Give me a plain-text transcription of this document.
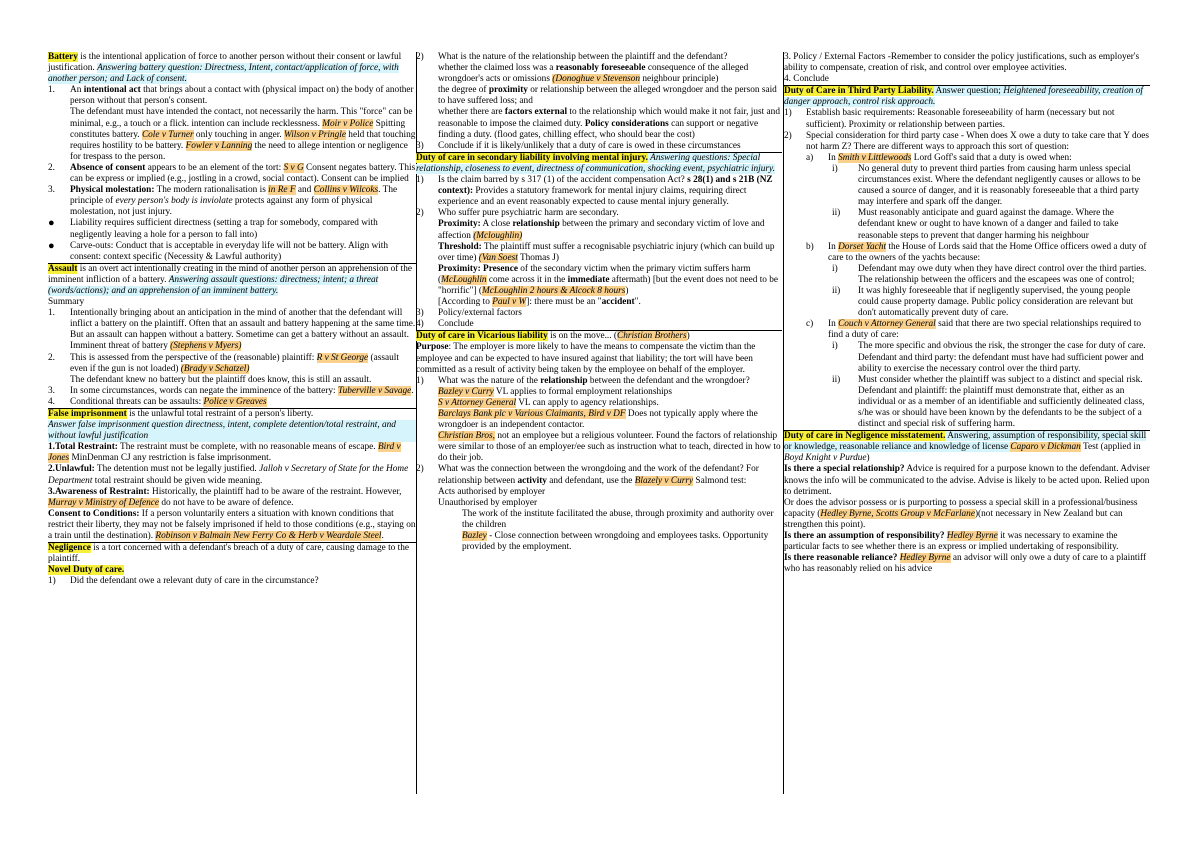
Battery is the intentional application of force to another person without their consent or lawful justification. Answering battery question: Directness, Intent, contact/application of force, with another person; and Lack of consent.

1.	An intentional act that brings about a contact with (physical impact on) the body of another person without that person's consent.

The defendant must have intended the contact, not necessarily the harm. This "force" can be minimal, e.g., a touch or a flick. intention can include recklessness. Moir v Police Spitting constitutes battery. Cole v Turner only touching in anger. Wilson v Pringle held that touching requires hostility to be battery. Fowler v Lanning the need to allege intention or negligence for trespass to the person.

2.	Absence of consent appears to be an element of the tort: S v G Consent negates battery. This can be express or implied (e.g., jostling in a crowd, social contact). Consent can be implied
3.	Physical molestation: The modern rationalisation is in Re F and Collins v Wilcoks. The principle of every person's body is inviolate protects against any form of physical molestation, not just injury.
●	Liability requires sufficient directness (setting a trap for somebody, compared with negligently leaving a hole for a person to fall into)
●	Carve-outs: Conduct that is acceptable in everyday life will not be battery. Align with consent: context specific (Necessity & Lawful authority)

Assault is an overt act intentionally creating in the mind of another person an apprehension of the imminent infliction of a battery. Answering assault questions: directness; intent; a threat (words/actions); and an apprehension of an imminent battery.

Summary

1.	Intentionally bringing about an anticipation in the mind of another that the defendant will inflict a battery on the plaintiff. Often that an assault and battery happening at the same time. But an assault can happen without a battery. Sometime can get a battery without an assault.
Imminent threat of battery (Stephens v Myers)
2.	This is assessed from the perspective of the (reasonable) plaintiff: R v St George (assault even if the gun is not loaded) (Brady v Schatzel)
The defendant knew no battery but the plaintiff does know, this is still an assault.
3.	In some circumstances, words can negate the imminence of the battery: Tuberville v Savage.
4.	Conditional threats can be assaults: Police v Greaves

False imprisonment is the unlawful total restraint of a person's liberty.

Answer false imprisonment question directness, intent, complete detention/total restraint, and without lawful justification

1.Total Restraint: The restraint must be complete, with no reasonable means of escape. Bird v Jones MinDenman CJ any restriction is false imprisonment.

2.Unlawful: The detention must not be legally justified. Jalloh v Secretary of State for the Home Department total restraint should be given wide meaning.

3.Awareness of Restraint: Historically, the plaintiff had to be aware of the restraint. However, Murray v Ministry of Defence do not have to be aware of defence.

Consent to Conditions: If a person voluntarily enters a situation with known conditions that restrict their liberty, they may not be falsely imprisoned if held to those conditions (e.g., staying on a train until the destination). Robinson v Balmain New Ferry Co & Herb v Weardale Steel.

Negligence is a tort concerned with a defendant's breach of a duty of care, causing damage to the plaintiff.

Novel Duty of care.

1)	Did the defendant owe a relevant duty of care in the circumstance?
2)	What is the nature of the relationship between the plaintiff and the defendant?

whether the claimed loss was a reasonably foreseeable consequence of the alleged wrongdoer's acts or omissions (Donoghue v Stevenson neighbour principle)

the degree of proximity or relationship between the alleged wrongdoer and the person said to have suffered loss; and

whether there are factors external to the relationship which would make it not fair, just and reasonable to impose the claimed duty. Policy considerations can support or negative finding a duty. (flood gates, chilling effect, who should bear the cost)

3)	Conclude if it is likely/unlikely that a duty of care is owed in these circumstances

Duty of care in secondary liability involving mental injury. Answering questions: Special relationship, closeness to event, directness of communication, shocking event, psychiatric injury.

1)	Is the claim barred by s 317 (1) of the accident compensation Act? s 28(1) and s 21B (NZ context): Provides a statutory framework for mental injury claims, requiring direct experience and an event reasonably expected to cause mental injury generally.
2)	Who suffer pure psychiatric harm are secondary.

Proximity: A close relationship between the primary and secondary victim of love and affection (Mcloughlin)

Threshold: The plaintiff must suffer a recognisable psychiatric injury (which can build up over time) (Van Soest Thomas J)

Proximity: Presence of the secondary victim when the primary victim suffers harm (McLoughlin come across it in the immediate aftermath) [but the event does not need to be "horrific"] (McLoughlin 2 hours & Alcock 8 hours)

[According to Paul v W]: there must be an "accident".

3)	Policy/external factors
4)	Conclude

Duty of care in Vicarious liability is on the move... (Christian Brothers)

Purpose: The employer is more likely to have the means to compensate the victim than the employee and can be expected to have insured against that liability; the tort will have been committed as a result of activity being taken by the employee on behalf of the employer.

1)	What was the nature of the relationship between the defendant and the wrongdoer?

Bazley v Curry VL applies to formal employment relationships

S v Attorney General VL can apply to agency relationships.

Barclays Bank plc v Various Claimants, Bird v DF Does not typically apply where the wrongdoer is an independent contactor.

Christian Bros, not an employee but a religious volunteer. Found the factors of relationship were similar to those of an employer/ee such as instruction what to teach, directed in how to do their job.

2)	What was the connection between the wrongdoing and the work of the defendant? For relationship between activity and defendant, use the Blazely v Curry Salmond test:

Acts authorised by employer

Unauthorised by employer

The work of the institute facilitated the abuse, through proximity and authority over the children

Bazley - Close connection between wrongdoing and employees tasks. Opportunity provided by the employment.

3. Policy / External Factors -Remember to consider the policy justifications, such as employer's ability to compensate, creation of risk, and control over employee activities.

4. Conclude

Duty of Care in Third Party Liability. Answer question; Heightened foreseeability, creation of danger approach, control risk approach.

1)	Establish basic requirements: Reasonable foreseeability of harm (necessary but not sufficient). Proximity or relationship between parties.
2)	Special consideration for third party case - When does X owe a duty to take care that Y does not harm Z? There are different ways to approach this sort of question:
a)	In Smith v Littlewoods Lord Goff's said that a duty is owed when:
i)	No general duty to prevent third parties from causing harm unless special circumstances exist. Where the defendant negligently causes or allows to be caused a source of danger, and it is reasonably foreseeable that a third party may interfere and spark off the danger.
ii)	Must reasonably anticipate and guard against the damage. Where the defendant knew or ought to have known of a danger and failed to take reasonable steps to prevent that danger harming his neighbour
b)	In Dorset Yacht the House of Lords said that the Home Office officers owed a duty of care to the owners of the yachts because:
i)	Defendant may owe duty when they have direct control over the third parties. The relationship between the officers and the escapees was one of control;
ii)	It was highly foreseeable that if negligently supervised, the young people could cause property damage. Public policy consideration are relevant but don't automatically prevent duty of care.
c)	In Couch v Attorney General said that there are two special relationships required to find a duty of care:
i)	The more specific and obvious the risk, the stronger the case for duty of care. Defendant and third party: the defendant must have had sufficient power and ability to exercise the necessary control over the third party.
ii)	Must consider whether the plaintiff was subject to a distinct and special risk. Defendant and plaintiff: the plaintiff must demonstrate that, either as an individual or as a member of an identifiable and sufficiently delineated class, s/he was or should have been known by the defendants to be the subject of a distinct and special risk of suffering harm.

Duty of care in Negligence misstatement. Answering, assumption of responsibility, special skill or knowledge, reasonable reliance and knowledge of license Caparo v Dickman Test (applied in Boyd Knight v Purdue)

Is there a special relationship? Advice is required for a purpose known to the defendant. Adviser knows the info will be communicated to the advise. Advise is likely to be acted upon. Relied upon to detriment.

Or does the advisor possess or is purporting to possess a special skill in a professional/business capacity (Hedley Byrne, Scotts Group v McFarlane)(not necessary in New Zealand but can strengthen this point).

Is there an assumption of responsibility? Hedley Byrne it was necessary to examine the particular facts to see whether there is an express or implied undertaking of responsibility.

Is there reasonable reliance? Hedley Byrne an advisor will only owe a duty of care to a plaintiff who has reasonably relied on his advice
